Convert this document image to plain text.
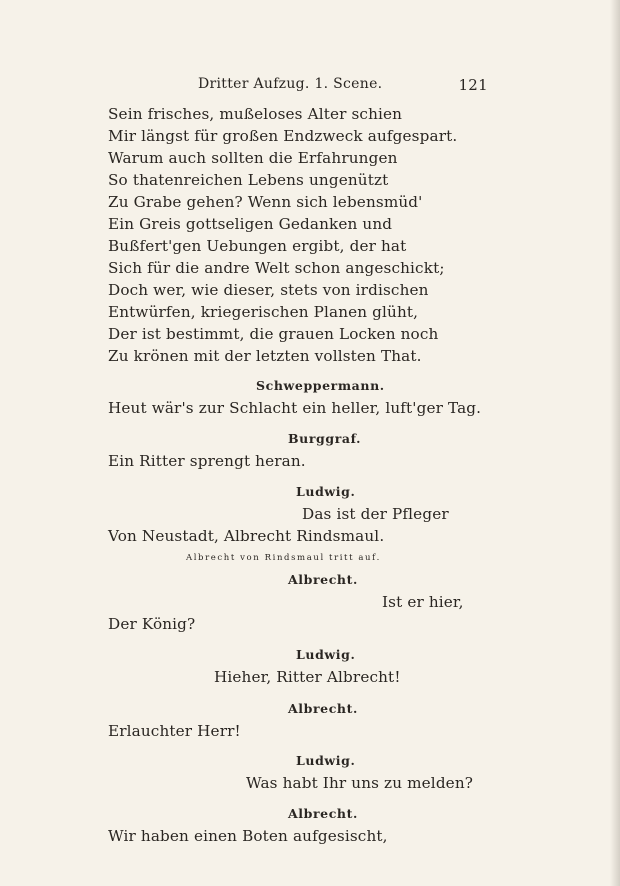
Dritter Aufzug. 1. Scene.	121
Sein frisches, mußeloses Alter schien
Mir längst für großen Endzweck aufgespart.
Warum auch sollten die Erfahrungen
So thatenreichen Lebens ungenützt
Zu Grabe gehen? Wenn sich lebensmüd'
Ein Greis gottseligen Gedanken und
Bußfert'gen Uebungen ergibt, der hat
Sich für die andre Welt schon angeschickt;
Doch wer, wie dieser, stets von irdischen
Entwürfen, kriegerischen Planen glüht,
Der ist bestimmt, die grauen Locken noch
Zu krönen mit der letzten vollsten That.
Schweppermann.
Heut wär's zur Schlacht ein heller, luft'ger Tag.
Burggraf.
Ein Ritter sprengt heran.
Ludwig.
Das ist der Pfleger
Von Neustadt, Albrecht Rindsmaul.
Albrecht von Rindsmaul tritt auf.
Albrecht.
Ist er hier,
Der König?
Ludwig.
Hieher, Ritter Albrecht!
Albrecht.
Erlauchter Herr!
Ludwig.
Was habt Ihr uns zu melden?
Albrecht.
Wir haben einen Boten aufgesischt,
